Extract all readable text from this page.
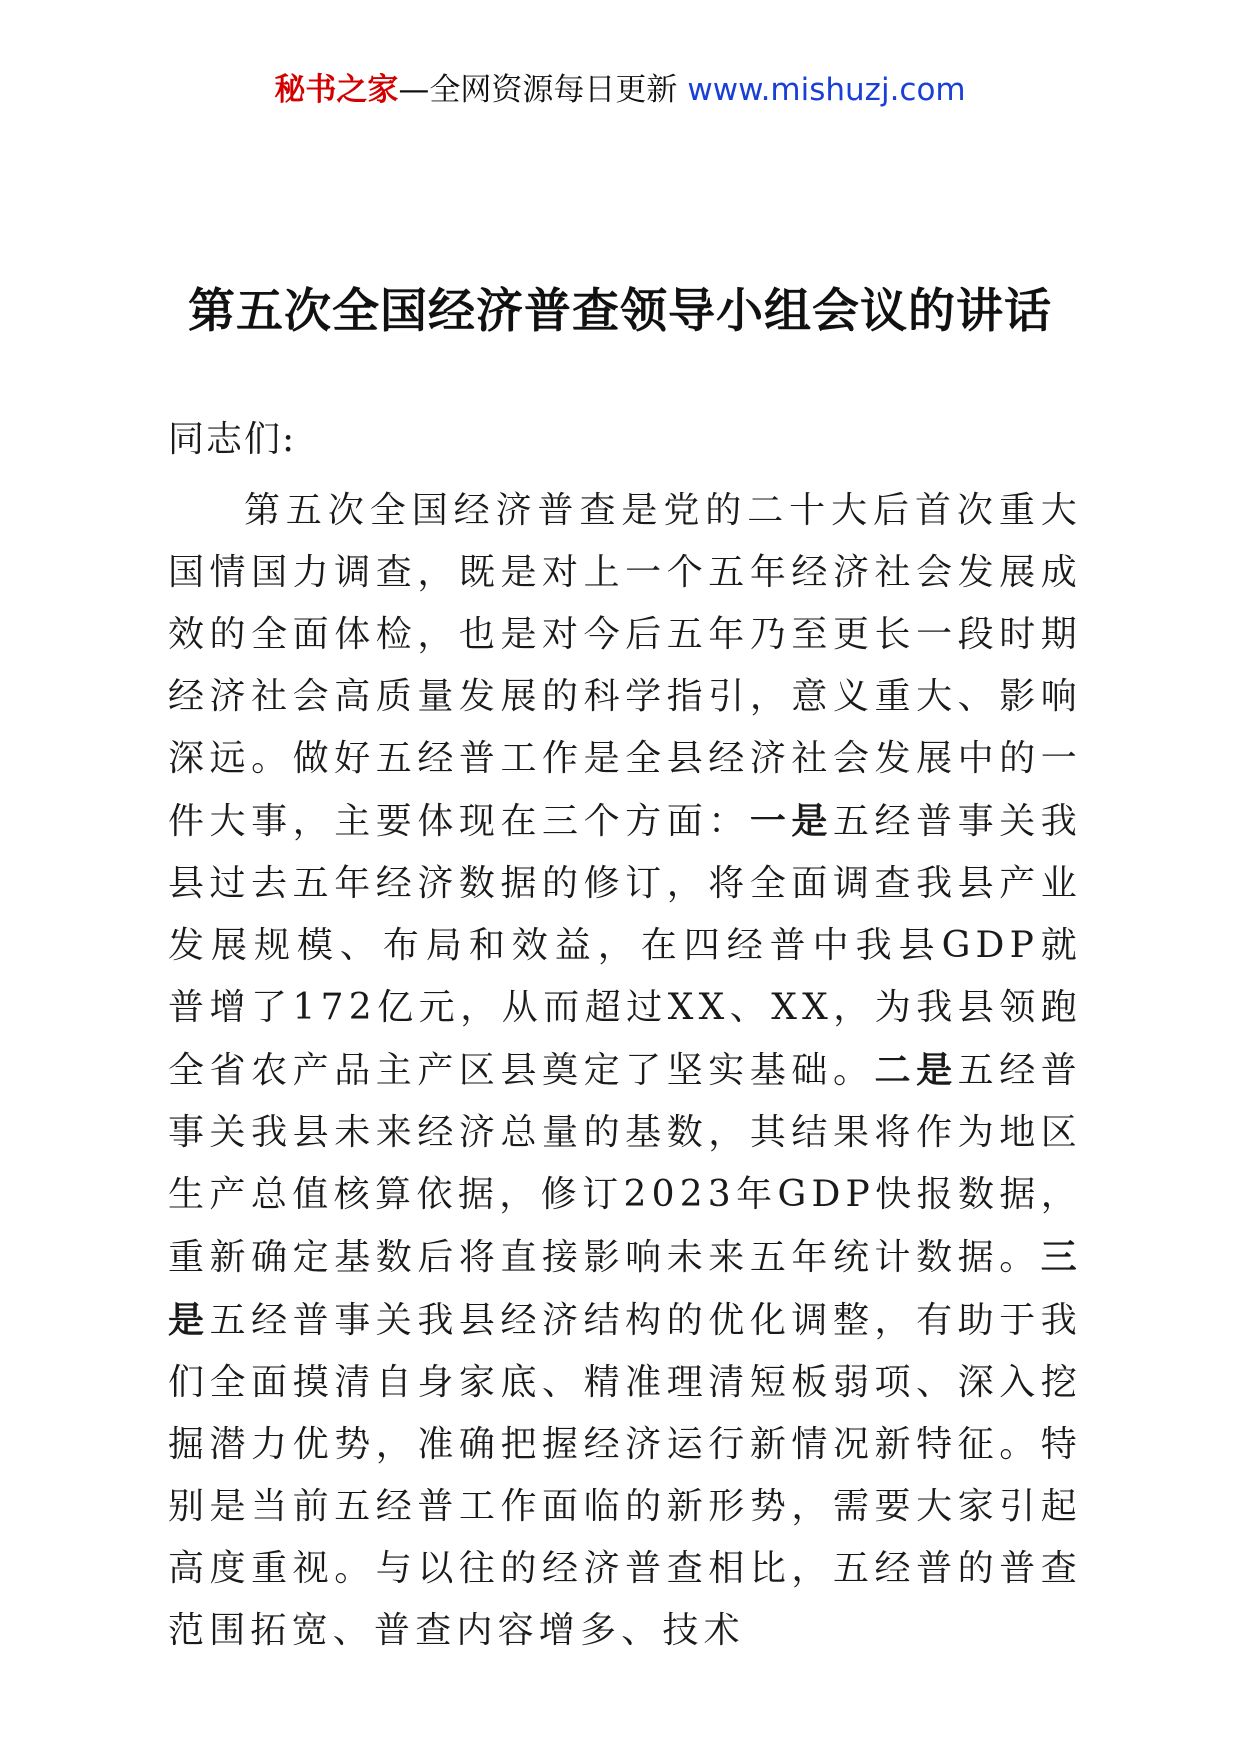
秘书之家—全网资源每日更新 www.mishuzj.com
第五次全国经济普查领导小组会议的讲话
同志们:
第五次全国经济普查是党的二十大后首次重大国情国力调查，既是对上一个五年经济社会发展成效的全面体检，也是对今后五年乃至更长一段时期经济社会高质量发展的科学指引，意义重大、影响深远。做好五经普工作是全县经济社会发展中的一件大事，主要体现在三个方面：一是五经普事关我县过去五年经济数据的修订，将全面调查我县产业发展规模、布局和效益，在四经普中我县GDP就普增了172亿元，从而超过XX、XX，为我县领跑全省农产品主产区县奠定了坚实基础。二是五经普事关我县未来经济总量的基数，其结果将作为地区生产总值核算依据，修订2023年GDP快报数据，重新确定基数后将直接影响未来五年统计数据。三是五经普事关我县经济结构的优化调整，有助于我们全面摸清自身家底、精准理清短板弱项、深入挖掘潜力优势，准确把握经济运行新情况新特征。特别是当前五经普工作面临的新形势，需要大家引起高度重视。与以往的经济普查相比，五经普的普查范围拓宽、普查内容增多、技术
